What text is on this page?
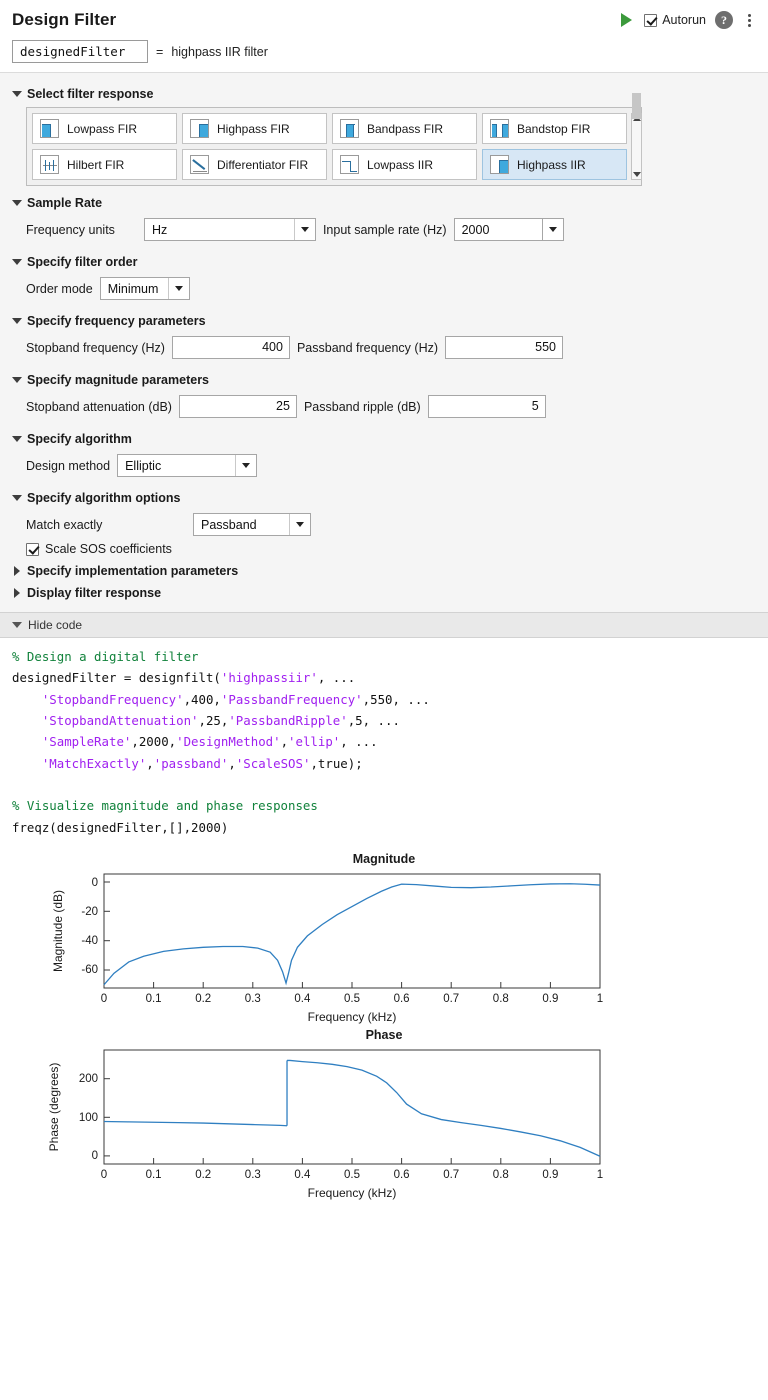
Design Filter	Autorun	?
designedFilter	= highpass IIR filter
Select filter response
Lowpass FIR	Highpass FIR	Bandpass FIR	Bandstop FIR
Hilbert FIR	Differentiator FIR	Lowpass IIR	Highpass IIR
Sample Rate
Frequency units	Hz	Input sample rate (Hz)	2000
Specify filter order
Order mode	Minimum
Specify frequency parameters
Stopband frequency (Hz)	400	Passband frequency (Hz)	550
Specify magnitude parameters
Stopband attenuation (dB)	25	Passband ripple (dB)	5
Specify algorithm
Design method	Elliptic
Specify algorithm options
Match exactly	Passband
Scale SOS coefficients
Specify implementation parameters
Display filter response
Hide code
% Design a digital filter
designedFilter = designfilt('highpassiir', ...
'StopbandFrequency',400,'PassbandFrequency',550, ...
'StopbandAttenuation',25,'PassbandRipple',5, ...
'SampleRate',2000,'DesignMethod','ellip', ...
'MatchExactly','passband','ScaleSOS',true);

% Visualize magnitude and phase responses
freqz(designedFilter,[],2000)
Magnitude
0
-20
-40
-60
0	0.1	0.2	0.3	0.4	0.5	0.6	0.7	0.8	0.9	1
Frequency (kHz)
Magnitude (dB)
Phase
0
100
200
0	0.1	0.2	0.3	0.4	0.5	0.6	0.7	0.8	0.9	1
Frequency (kHz)
Phase (degrees)
